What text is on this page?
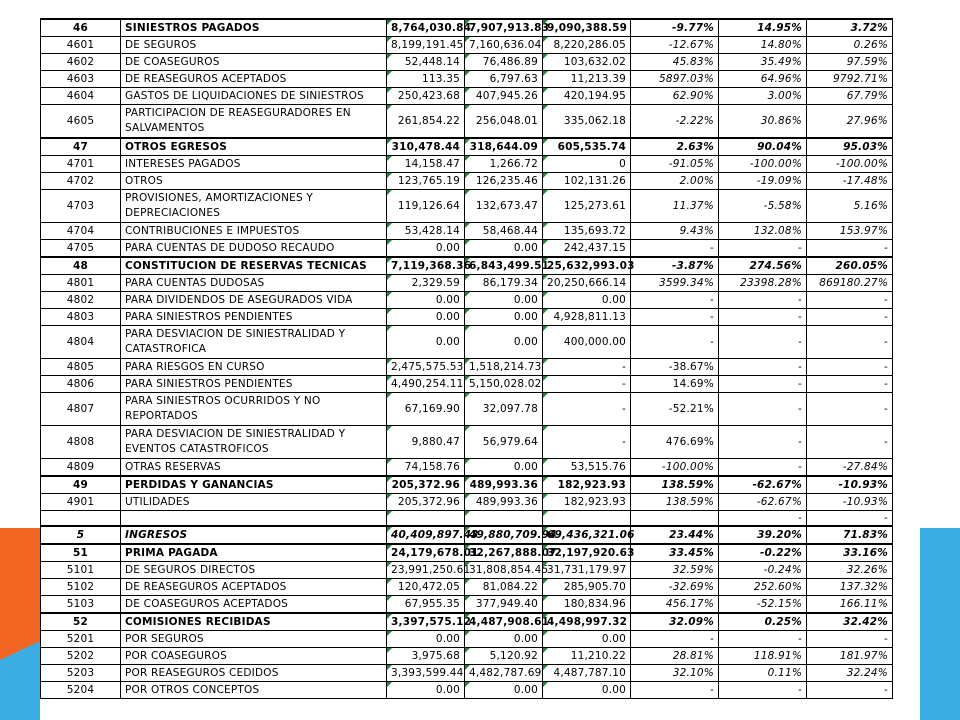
46	SINIESTROS PAGADOS	8,764,030.84	7,907,913.83	9,090,388.59	-9.77%	14.95%	3.72%
4601	DE SEGUROS	8,199,191.45	7,160,636.04	8,220,286.05	-12.67%	14.80%	0.26%
4602	DE COASEGUROS	52,448.14	76,486.89	103,632.02	45.83%	35.49%	97.59%
4603	DE REASEGUROS ACEPTADOS	113.35	6,797.63	11,213.39	5897.03%	64.96%	9792.71%
4604	GASTOS DE LIQUIDACIONES DE SINIESTROS	250,423.68	407,945.26	420,194.95	62.90%	3.00%	67.79%
4605	PARTICIPACION DE REASEGURADORES EN SALVAMENTOS	261,854.22	256,048.01	335,062.18	-2.22%	30.86%	27.96%
47	OTROS EGRESOS	310,478.44	318,644.09	605,535.74	2.63%	90.04%	95.03%
4701	INTERESES PAGADOS	14,158.47	1,266.72	0	-91.05%	-100.00%	-100.00%
4702	OTROS	123,765.19	126,235.46	102,131.26	2.00%	-19.09%	-17.48%
4703	PROVISIONES, AMORTIZACIONES Y DEPRECIACIONES	119,126.64	132,673.47	125,273.61	11.37%	-5.58%	5.16%
4704	CONTRIBUCIONES E IMPUESTOS	53,428.14	58,468.44	135,693.72	9.43%	132.08%	153.97%
4705	PARA CUENTAS DE DUDOSO RECAUDO	0.00	0.00	242,437.15	-	-	-
48	CONSTITUCION DE RESERVAS TECNICAS	7,119,368.36	6,843,499.51	25,632,993.03	-3.87%	274.56%	260.05%
4801	PARA CUENTAS DUDOSAS	2,329.59	86,179.34	20,250,666.14	3599.34%	23398.28%	869180.27%
4802	PARA DIVIDENDOS DE ASEGURADOS VIDA	0.00	0.00	0.00	-	-	-
4803	PARA SINIESTROS PENDIENTES	0.00	0.00	4,928,811.13	-	-	-
4804	PARA DESVIACION DE SINIESTRALIDAD Y CATASTROFICA	0.00	0.00	400,000.00	-	-	-
4805	PARA RIESGOS EN CURSO	2,475,575.53	1,518,214.73	-	-38.67%	-	-
4806	PARA SINIESTROS PENDIENTES	4,490,254.11	5,150,028.02	-	14.69%	-	-
4807	PARA SINIESTROS OCURRIDOS Y NO REPORTADOS	67,169.90	32,097.78	-	-52.21%	-	-
4808	PARA DESVIACION DE SINIESTRALIDAD Y EVENTOS CATASTROFICOS	9,880.47	56,979.64	-	476.69%	-	-
4809	OTRAS RESERVAS	74,158.76	0.00	53,515.76	-100.00%	-	-27.84%
49	PERDIDAS Y GANANCIAS	205,372.96	489,993.36	182,923.93	138.59%	-62.67%	-10.93%
4901	UTILIDADES	205,372.96	489,993.36	182,923.93	138.59%	-62.67%	-10.93%
						-	-
5	INGRESOS	40,409,897.43	49,880,709.94	69,436,321.06	23.44%	39.20%	71.83%
51	PRIMA PAGADA	24,179,678.01	32,267,888.07	32,197,920.63	33.45%	-0.22%	33.16%
5101	DE SEGUROS DIRECTOS	23,991,250.61	31,808,854.45	31,731,179.97	32.59%	-0.24%	32.26%
5102	DE REASEGUROS ACEPTADOS	120,472.05	81,084.22	285,905.70	-32.69%	252.60%	137.32%
5103	DE COASEGUROS ACEPTADOS	67,955.35	377,949.40	180,834.96	456.17%	-52.15%	166.11%
52	COMISIONES RECIBIDAS	3,397,575.12	4,487,908.61	4,498,997.32	32.09%	0.25%	32.42%
5201	POR SEGUROS	0.00	0.00	0.00	-	-	-
5202	POR COASEGUROS	3,975.68	5,120.92	11,210.22	28.81%	118.91%	181.97%
5203	POR REASEGUROS CEDIDOS	3,393,599.44	4,482,787.69	4,487,787.10	32.10%	0.11%	32.24%
5204	POR OTROS CONCEPTOS	0.00	0.00	0.00	-	-	-
